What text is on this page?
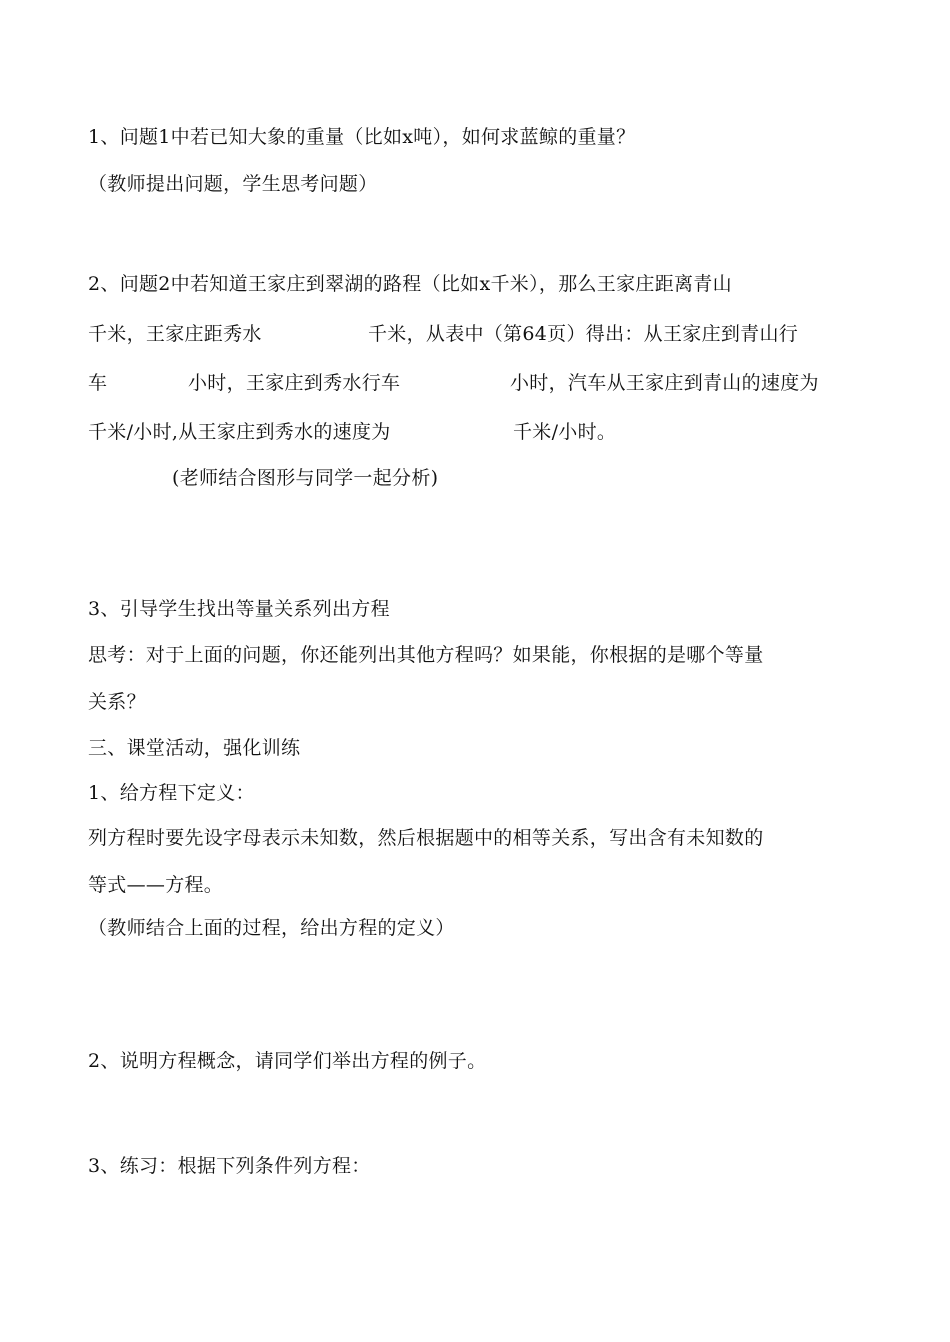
1、问题1中若已知大象的重量（比如x吨），如何求蓝鲸的重量？
（教师提出问题，学生思考问题）
2、问题2中若知道王家庄到翠湖的路程（比如x千米），那么王家庄距离青山
千米，王家庄距秀水	千米，从表中（第64页）得出：从王家庄到青山行
车	小时，王家庄到秀水行车	小时，汽车从王家庄到青山的速度为
千米/小时,从王家庄到秀水的速度为	千米/小时。
(老师结合图形与同学一起分析)
3、引导学生找出等量关系列出方程
思考：对于上面的问题，你还能列出其他方程吗？如果能，你根据的是哪个等量
关系？
三、课堂活动，强化训练
1、给方程下定义：
列方程时要先设字母表示未知数，然后根据题中的相等关系，写出含有未知数的
等式——方程。
（教师结合上面的过程，给出方程的定义）
2、说明方程概念，请同学们举出方程的例子。
3、练习：根据下列条件列方程：
